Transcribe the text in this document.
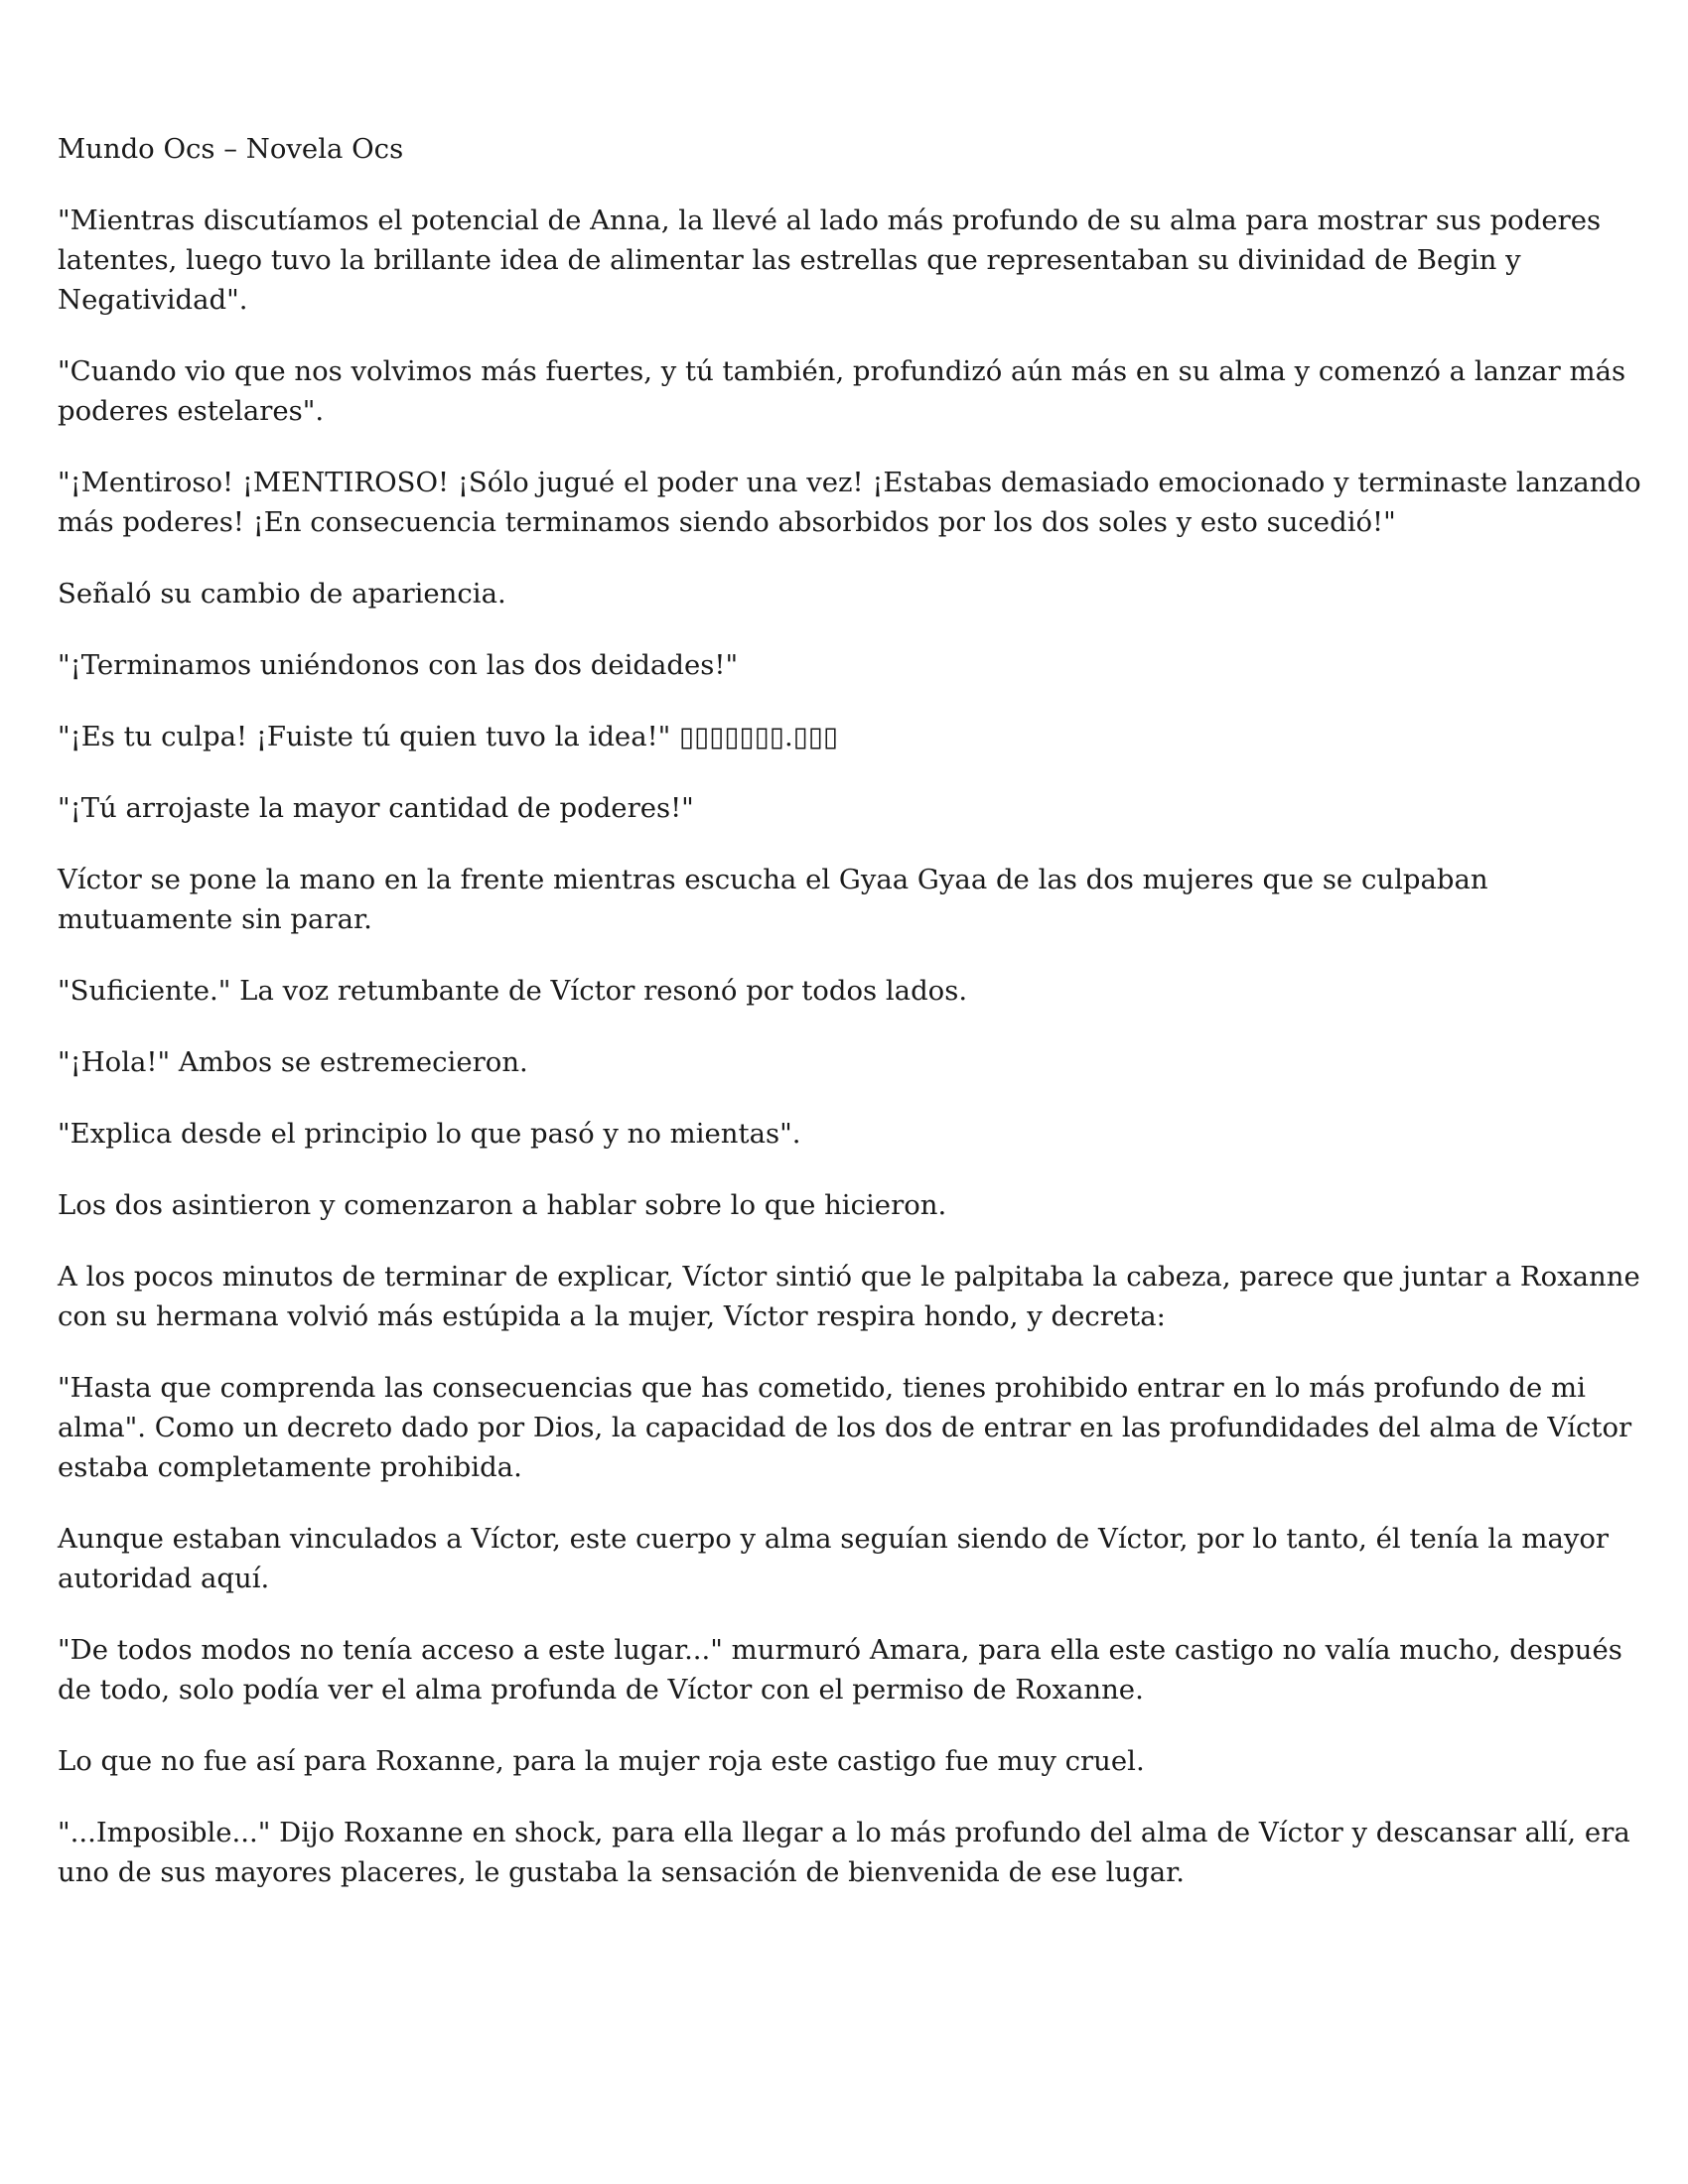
Mundo Ocs – Novela Ocs

"Mientras discutíamos el potencial de Anna, la llevé al lado más profundo de su alma para mostrar sus poderes latentes, luego tuvo la brillante idea de alimentar las estrellas que representaban su divinidad de Begin y Negatividad".

"Cuando vio que nos volvimos más fuertes, y tú también, profundizó aún más en su alma y comenzó a lanzar más poderes estelares".

"¡Mentiroso! ¡MENTIROSO! ¡Sólo jugué el poder una vez! ¡Estabas demasiado emocionado y terminaste lanzando más poderes! ¡En consecuencia terminamos siendo absorbidos por los dos soles y esto sucedió!"

Señaló su cambio de apariencia.

"¡Terminamos uniéndonos con las dos deidades!"

"¡Es tu culpa! ¡Fuiste tú quien tuvo la idea!" ▯▯▯▯▯▯▯.▯▯▯

"¡Tú arrojaste la mayor cantidad de poderes!"

Víctor se pone la mano en la frente mientras escucha el Gyaa Gyaa de las dos mujeres que se culpaban mutuamente sin parar.

"Suficiente." La voz retumbante de Víctor resonó por todos lados.

"¡Hola!" Ambos se estremecieron.

"Explica desde el principio lo que pasó y no mientas".

Los dos asintieron y comenzaron a hablar sobre lo que hicieron.

A los pocos minutos de terminar de explicar, Víctor sintió que le palpitaba la cabeza, parece que juntar a Roxanne con su hermana volvió más estúpida a la mujer, Víctor respira hondo, y decreta:

"Hasta que comprenda las consecuencias que has cometido, tienes prohibido entrar en lo más profundo de mi alma". Como un decreto dado por Dios, la capacidad de los dos de entrar en las profundidades del alma de Víctor estaba completamente prohibida.

Aunque estaban vinculados a Víctor, este cuerpo y alma seguían siendo de Víctor, por lo tanto, él tenía la mayor autoridad aquí.

"De todos modos no tenía acceso a este lugar..." murmuró Amara, para ella este castigo no valía mucho, después de todo, solo podía ver el alma profunda de Víctor con el permiso de Roxanne.

Lo que no fue así para Roxanne, para la mujer roja este castigo fue muy cruel.

"...Imposible..." Dijo Roxanne en shock, para ella llegar a lo más profundo del alma de Víctor y descansar allí, era uno de sus mayores placeres, le gustaba la sensación de bienvenida de ese lugar.
